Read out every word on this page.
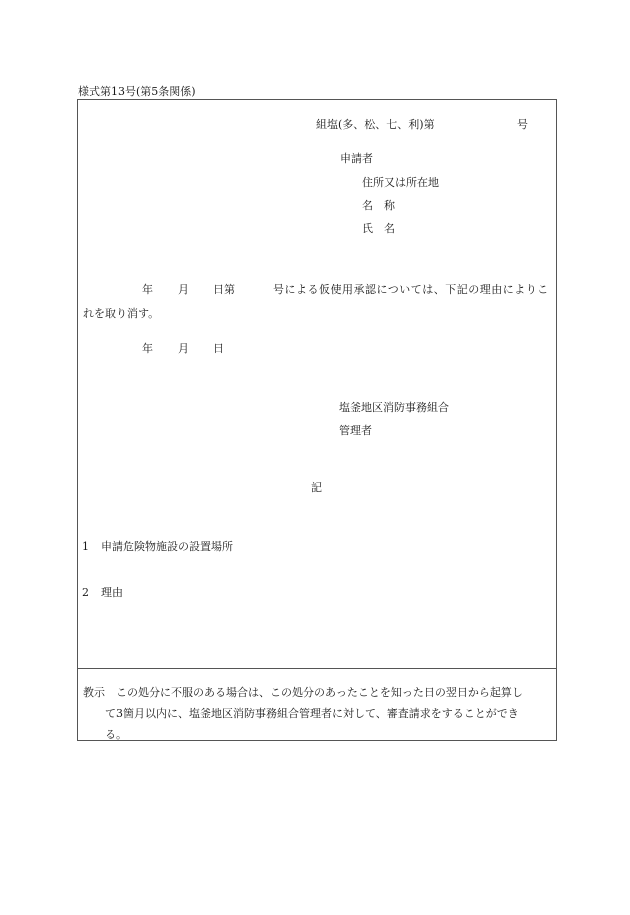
様式第13号(第5条関係)
組塩(多、松、七、利)第	号
申請者
住所又は所在地
名　称
氏　名
年 月 日第	号による仮使用承認については、下記の理由によりこ
れを取り消す。
年 月 日
塩釜地区消防事務組合
管理者
記
1 申請危険物施設の設置場所
2 理由
教示　この処分に不服のある場合は、この処分のあったことを知った日の翌日から起算し
て3箇月以内に、塩釜地区消防事務組合管理者に対して、審査請求をすることができ
る。
